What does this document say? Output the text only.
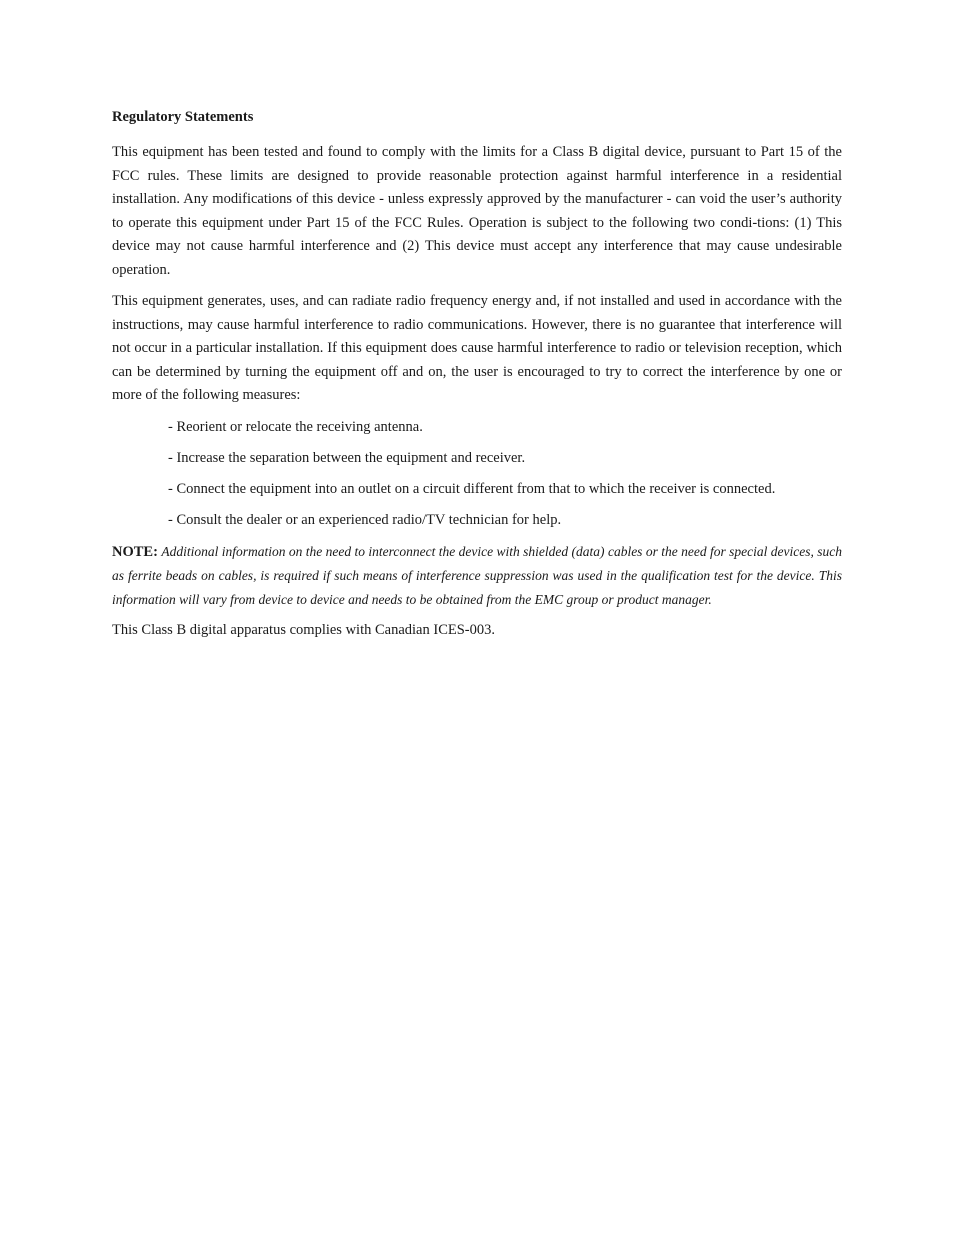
Regulatory Statements

This equipment has been tested and found to comply with the limits for a Class B digital device, pursuant to Part 15 of the FCC rules. These limits are designed to provide reasonable protection against harmful interference in a residential installation. Any modifications of this device - unless expressly approved by the manufacturer - can void the user’s authority to operate this equipment under Part 15 of the FCC Rules. Operation is subject to the following two condi-tions: (1) This device may not cause harmful interference and (2) This device must accept any interference that may cause undesirable operation.

This equipment generates, uses, and can radiate radio frequency energy and, if not installed and used in accordance with the instructions, may cause harmful interference to radio communications. However, there is no guarantee that interference will not occur in a particular installation. If this equipment does cause harmful interference to radio or television reception, which can be determined by turning the equipment off and on, the user is encouraged to try to correct the interference by one or more of the following measures:

- Reorient or relocate the receiving antenna.
- Increase the separation between the equipment and receiver.
- Connect the equipment into an outlet on a circuit different from that to which the receiver is connected.
- Consult the dealer or an experienced radio/TV technician for help.

NOTE: Additional information on the need to interconnect the device with shielded (data) cables or the need for special devices, such as ferrite beads on cables, is required if such means of interference suppression was used in the qualification test for the device. This information will vary from device to device and needs to be obtained from the EMC group or product manager.

This Class B digital apparatus complies with Canadian ICES-003.
